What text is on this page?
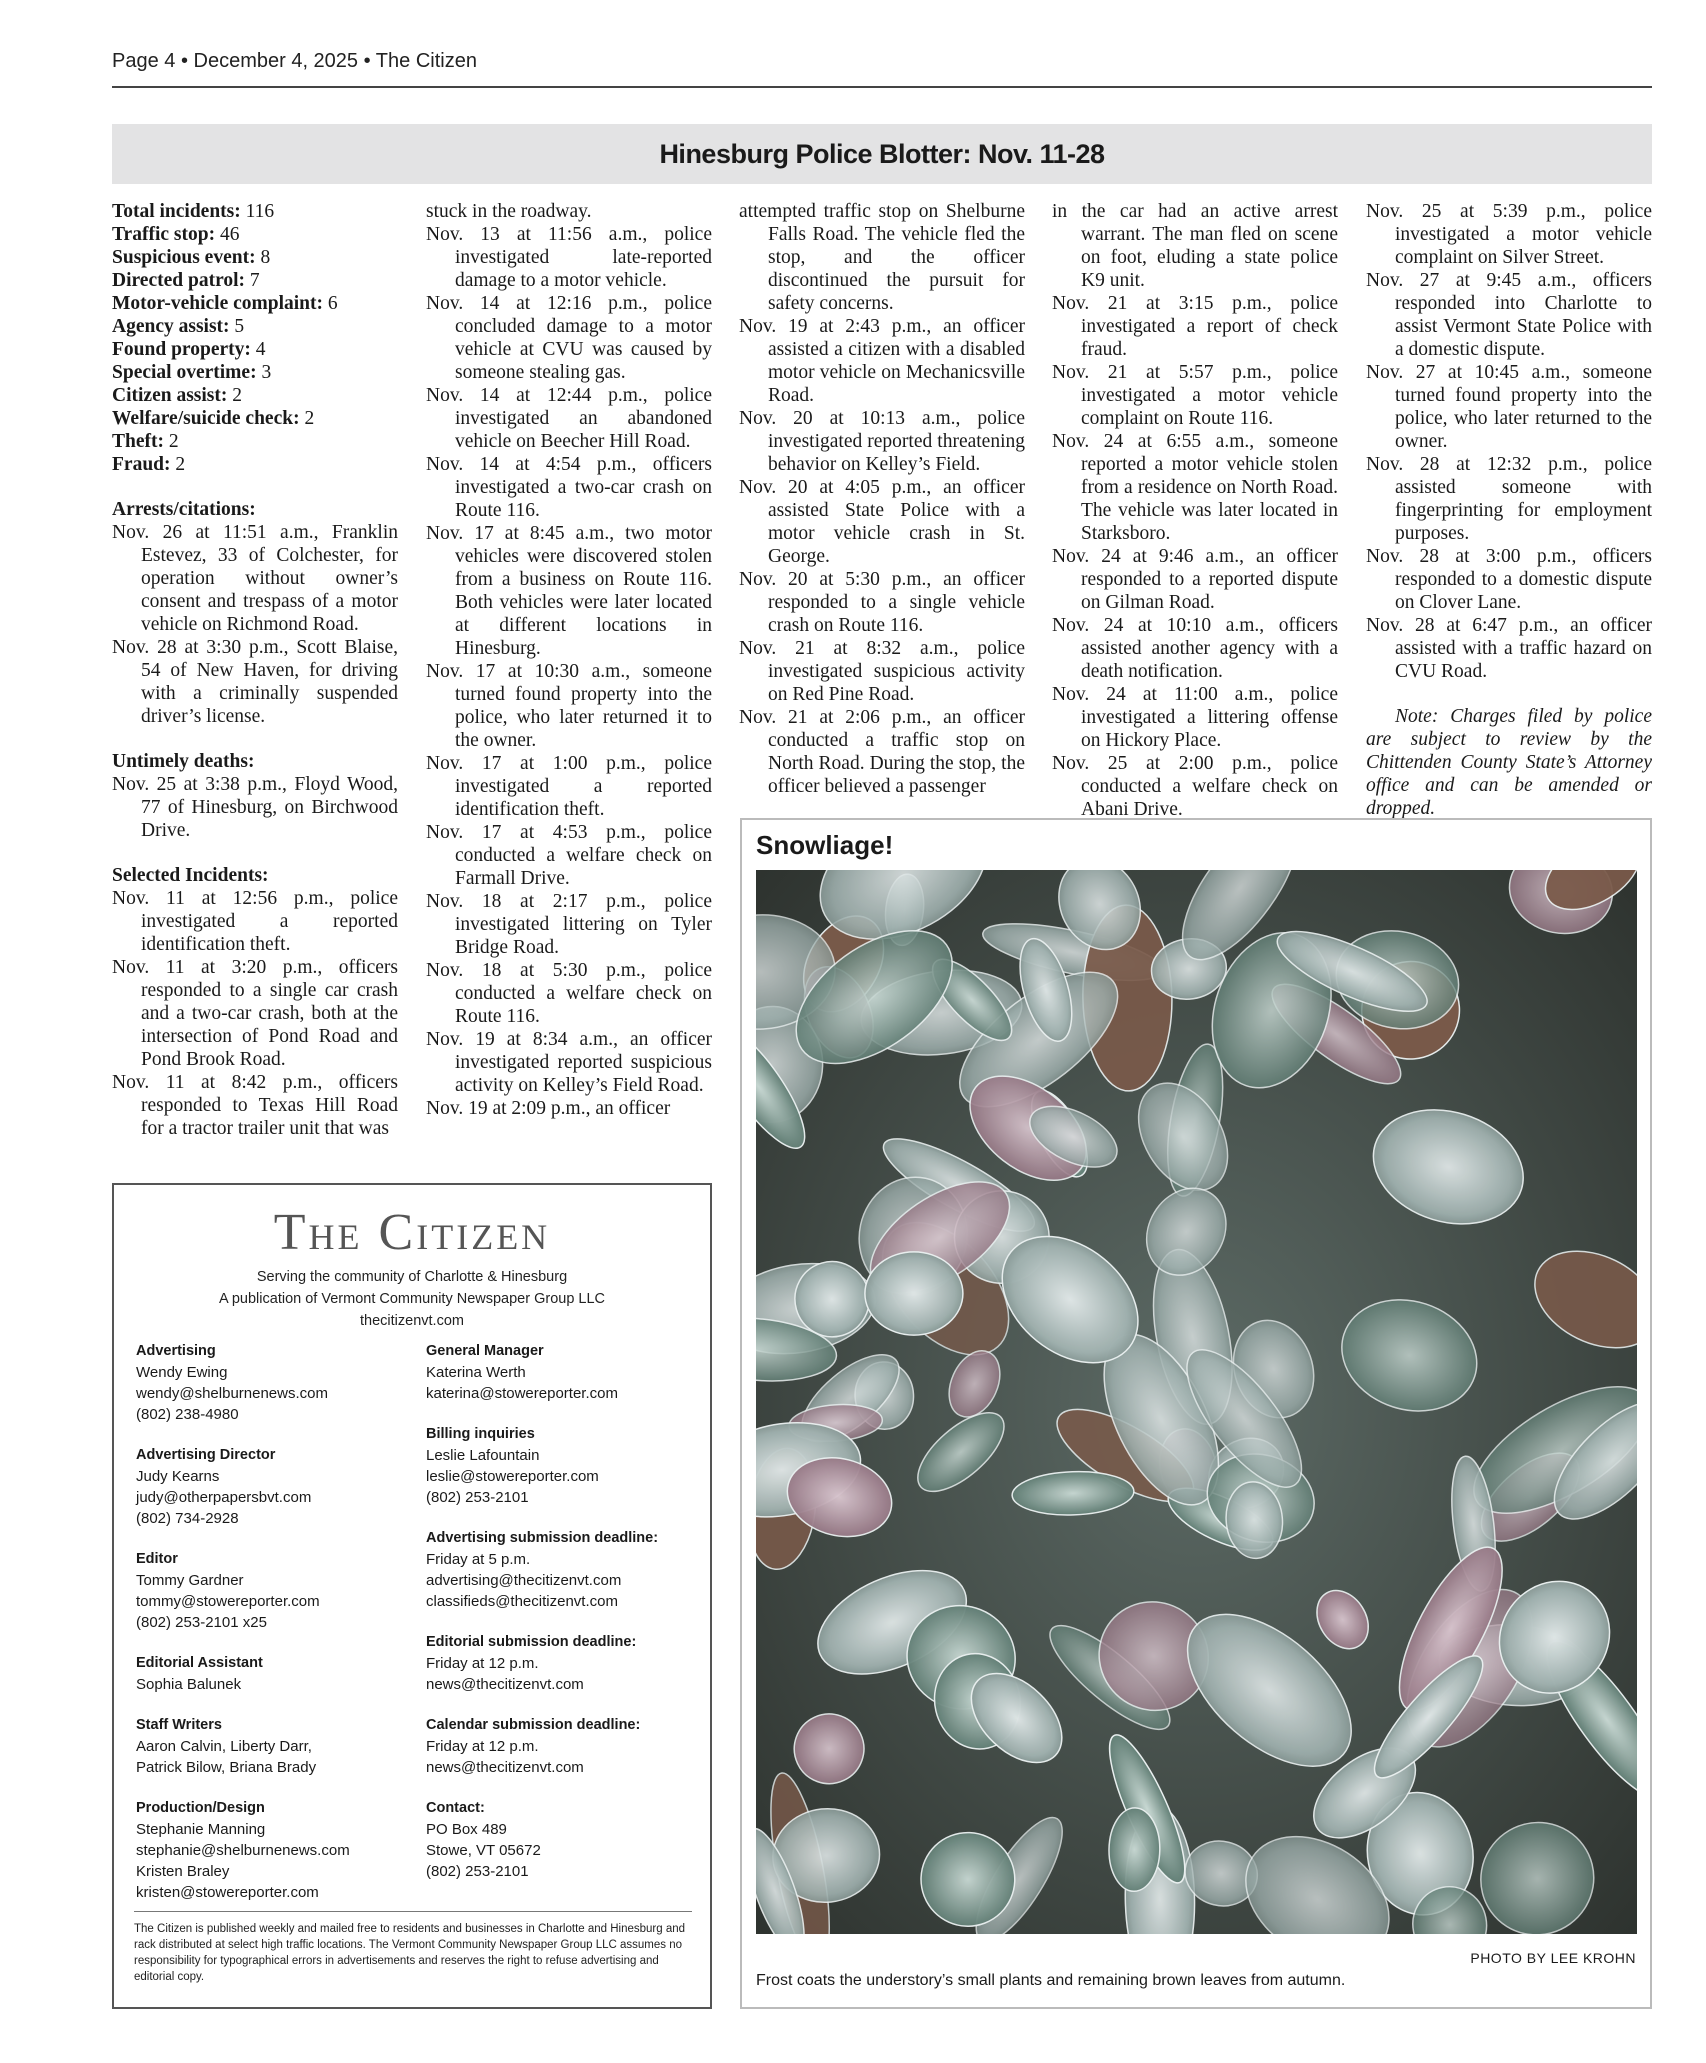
Page 4 • December 4, 2025 • The Citizen
Hinesburg Police Blotter: Nov. 11-28

Total incidents: 116

Traffic stop: 46

Suspicious event: 8

Directed patrol: 7

Motor-vehicle complaint: 6

Agency assist: 5

Found property: 4

Special overtime: 3

Citizen assist: 2

Welfare/suicide check: 2

Theft: 2

Fraud: 2

Arrests/citations:

Nov. 26 at 11:51 a.m., Franklin Estevez, 33 of Colchester, for operation without owner’s consent and trespass of a motor vehicle on Richmond Road.

Nov. 28 at 3:30 p.m., Scott Blaise, 54 of New Haven, for driving with a criminally suspended driver’s license.

Untimely deaths:

Nov. 25 at 3:38 p.m., Floyd Wood, 77 of Hinesburg, on Birchwood Drive.

Selected Incidents:

Nov. 11 at 12:56 p.m., police investigated a reported identification theft.

Nov. 11 at 3:20 p.m., officers responded to a single car crash and a two-car crash, both at the intersection of Pond Road and Pond Brook Road.

Nov. 11 at 8:42 p.m., officers responded to Texas Hill Road for a tractor trailer unit that was

stuck in the roadway.

Nov. 13 at 11:56 a.m., police investigated late-reported damage to a motor vehicle.

Nov. 14 at 12:16 p.m., police concluded damage to a motor vehicle at CVU was caused by someone stealing gas.

Nov. 14 at 12:44 p.m., police investigated an abandoned vehicle on Beecher Hill Road.

Nov. 14 at 4:54 p.m., officers investigated a two-car crash on Route 116.

Nov. 17 at 8:45 a.m., two motor vehicles were discovered stolen from a business on Route 116. Both vehicles were later located at different locations in Hinesburg.

Nov. 17 at 10:30 a.m., someone turned found property into the police, who later returned it to the owner.

Nov. 17 at 1:00 p.m., police investigated a reported identification theft.

Nov. 17 at 4:53 p.m., police conducted a welfare check on Farmall Drive.

Nov. 18 at 2:17 p.m., police investigated littering on Tyler Bridge Road.

Nov. 18 at 5:30 p.m., police conducted a welfare check on Route 116.

Nov. 19 at 8:34 a.m., an officer investigated reported suspicious activity on Kelley’s Field Road.

Nov. 19 at 2:09 p.m., an officer

attempted traffic stop on Shelburne Falls Road. The vehicle fled the stop, and the officer discontinued the pursuit for safety concerns.

Nov. 19 at 2:43 p.m., an officer assisted a citizen with a disabled motor vehicle on Mechanicsville Road.

Nov. 20 at 10:13 a.m., police investigated reported threatening behavior on Kelley’s Field.

Nov. 20 at 4:05 p.m., an officer assisted State Police with a motor vehicle crash in St. George.

Nov. 20 at 5:30 p.m., an officer responded to a single vehicle crash on Route 116.

Nov. 21 at 8:32 a.m., police investigated suspicious activity on Red Pine Road.

Nov. 21 at 2:06 p.m., an officer conducted a traffic stop on North Road. During the stop, the officer believed a passenger

in the car had an active arrest warrant. The man fled on scene on foot, eluding a state police K9 unit.

Nov. 21 at 3:15 p.m., police investigated a report of check fraud.

Nov. 21 at 5:57 p.m., police investigated a motor vehicle complaint on Route 116.

Nov. 24 at 6:55 a.m., someone reported a motor vehicle stolen from a residence on North Road. The vehicle was later located in Starksboro.

Nov. 24 at 9:46 a.m., an officer responded to a reported dispute on Gilman Road.

Nov. 24 at 10:10 a.m., officers assisted another agency with a death notification.

Nov. 24 at 11:00 a.m., police investigated a littering offense on Hickory Place.

Nov. 25 at 2:00 p.m., police conducted a welfare check on Abani Drive.

Nov. 25 at 5:39 p.m., police investigated a motor vehicle complaint on Silver Street.

Nov. 27 at 9:45 a.m., officers responded into Charlotte to assist Vermont State Police with a domestic dispute.

Nov. 27 at 10:45 a.m., someone turned found property into the police, who later returned to the owner.

Nov. 28 at 12:32 p.m., police assisted someone with fingerprinting for employment purposes.

Nov. 28 at 3:00 p.m., officers responded to a domestic dispute on Clover Lane.

Nov. 28 at 6:47 p.m., an officer assisted with a traffic hazard on CVU Road.

Note: Charges filed by police are subject to review by the Chittenden County State’s Attorney office and can be amended or dropped.

The Citizen
Serving the community of Charlotte & Hinesburg
A publication of Vermont Community Newspaper Group LLC
thecitizenvt.com
Advertising
Wendy Ewing
wendy@shelburnenews.com
(802) 238-4980
Advertising Director
Judy Kearns
judy@otherpapersbvt.com
(802) 734-2928
Editor
Tommy Gardner
tommy@stowereporter.com
(802) 253-2101 x25
Editorial Assistant
Sophia Balunek
Staff Writers
Aaron Calvin, Liberty Darr,
Patrick Bilow, Briana Brady
Production/Design
Stephanie Manning
stephanie@shelburnenews.com
Kristen Braley
kristen@stowereporter.com
General Manager
Katerina Werth
katerina@stowereporter.com
Billing inquiries
Leslie Lafountain
leslie@stowereporter.com
(802) 253-2101
Advertising submission deadline:
Friday at 5 p.m.
advertising@thecitizenvt.com
classifieds@thecitizenvt.com
Editorial submission deadline:
Friday at 12 p.m.
news@thecitizenvt.com
Calendar submission deadline:
Friday at 12 p.m.
news@thecitizenvt.com
Contact:
PO Box 489
Stowe, VT 05672
(802) 253-2101
The Citizen is published weekly and mailed free to residents and businesses in Charlotte and Hinesburg and rack distributed at select high traffic locations. The Vermont Community Newspaper Group LLC assumes no responsibility for typographical errors in advertisements and reserves the right to refuse advertising and editorial copy.
Snowliage!
PHOTO BY LEE KROHN
Frost coats the understory’s small plants and remaining brown leaves from autumn.
